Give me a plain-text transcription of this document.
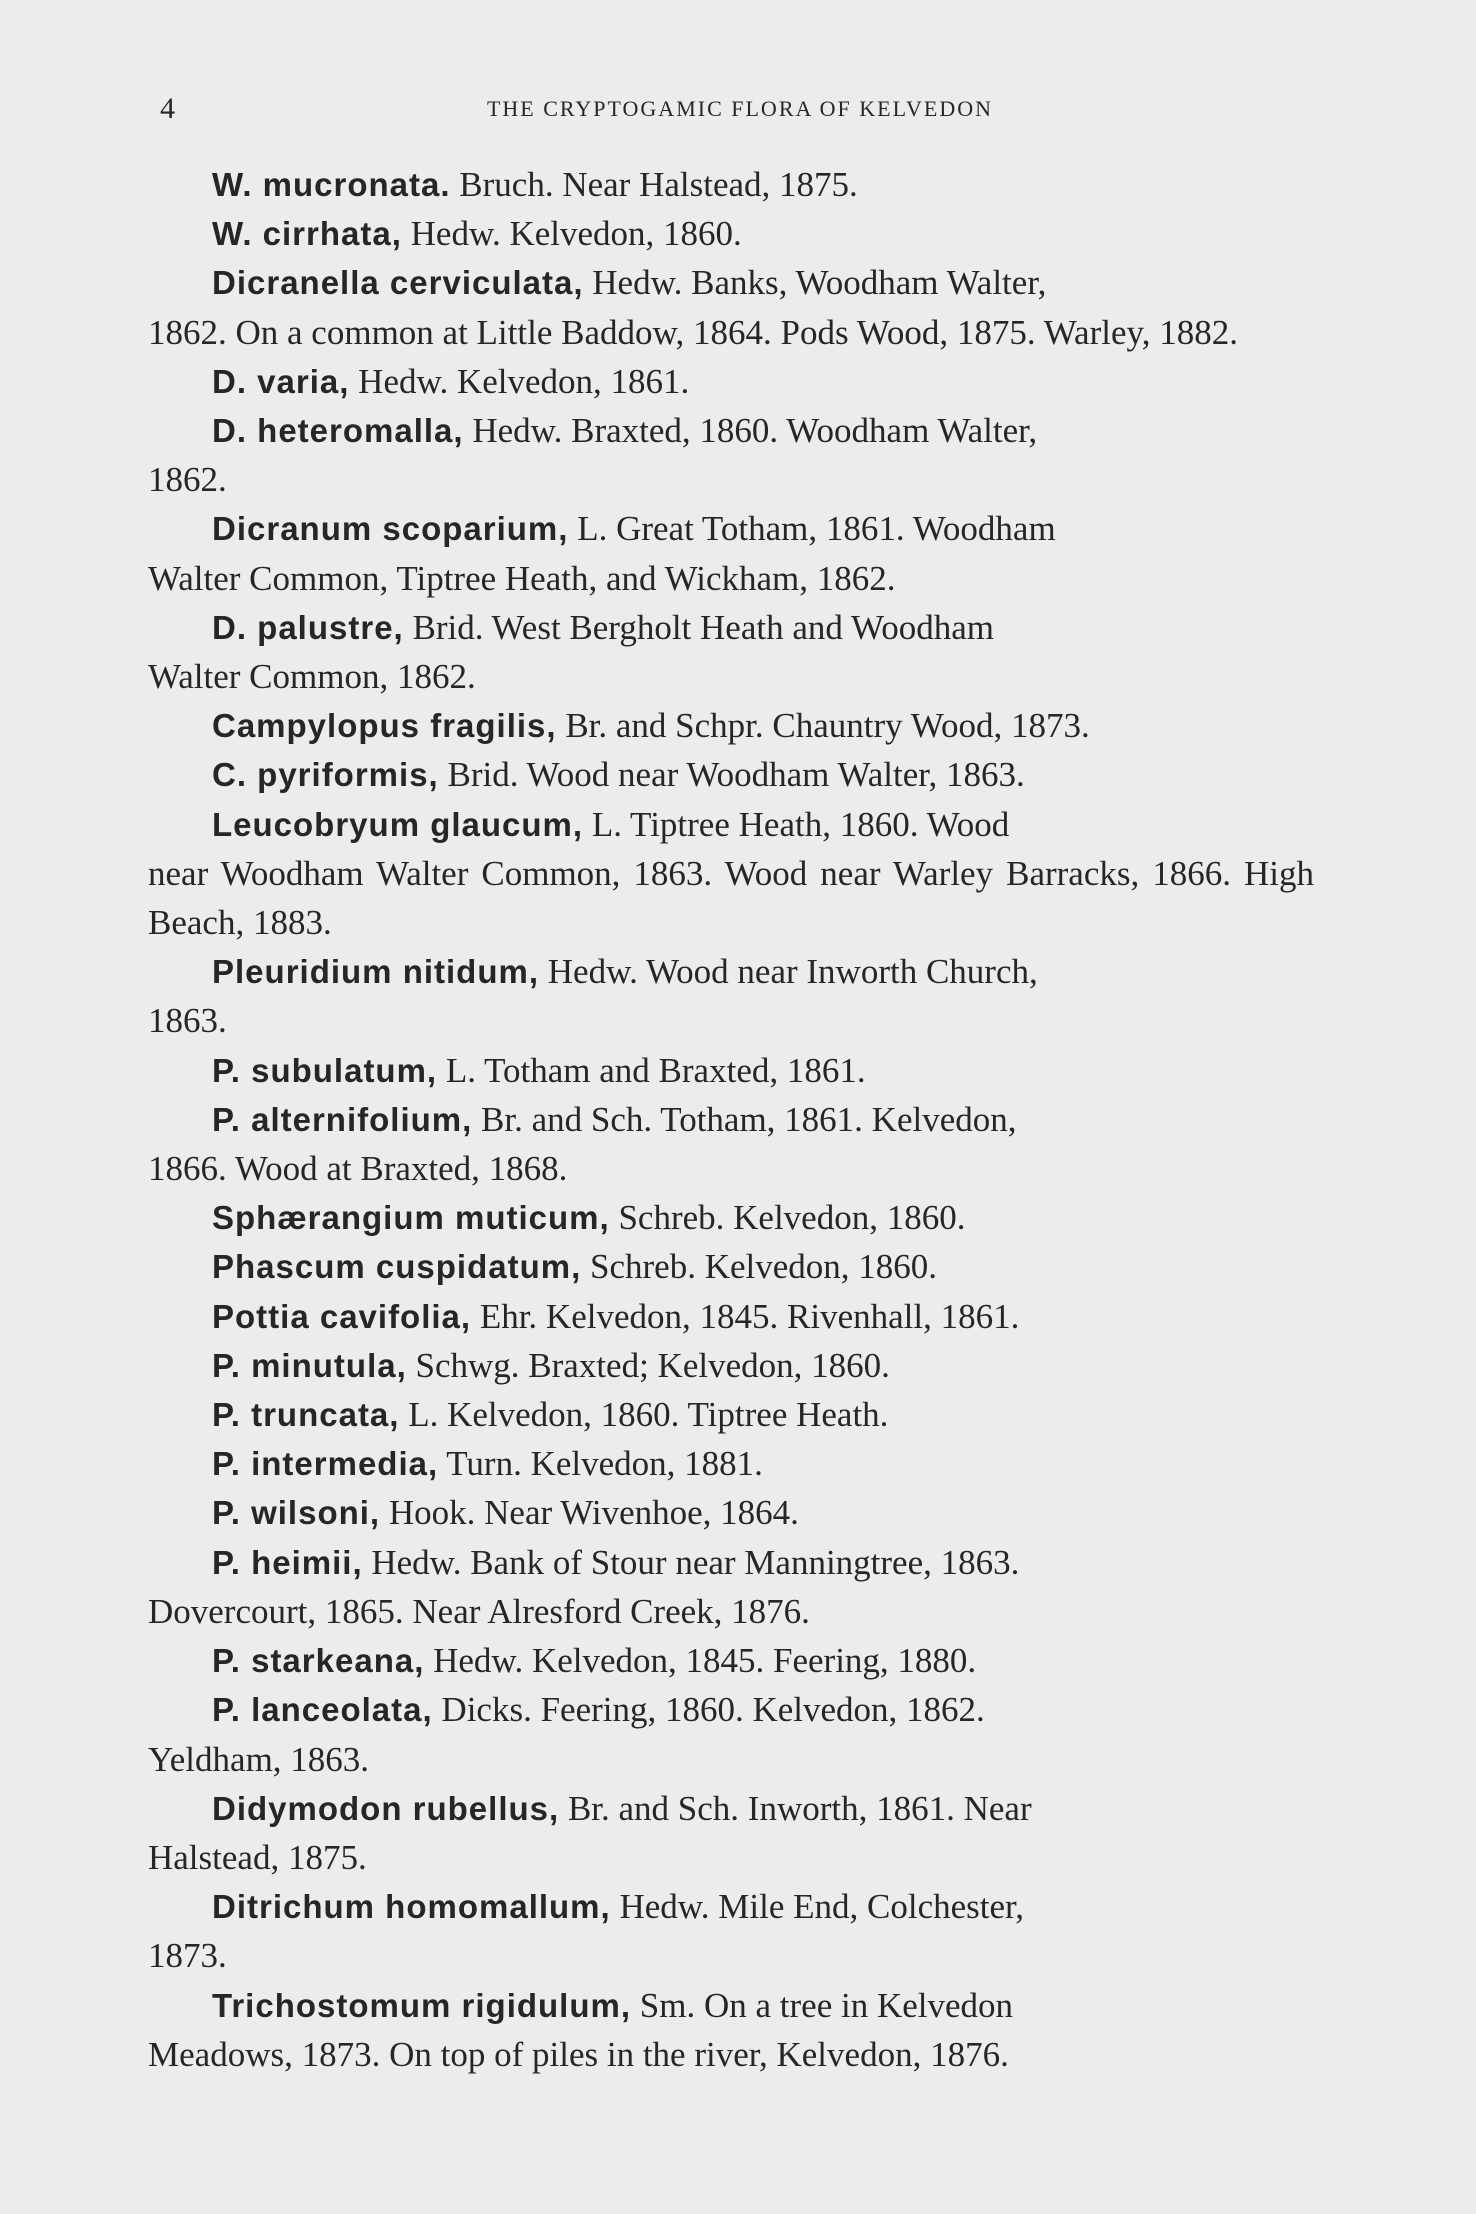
4	THE CRYPTOGAMIC FLORA OF KELVEDON

W. mucronata. Bruch. Near Halstead, 1875.

W. cirrhata, Hedw. Kelvedon, 1860.

Dicranella cerviculata, Hedw. Banks, Woodham Walter,
1862. On a common at Little Baddow, 1864. Pods Wood, 1875. Warley, 1882.

D. varia, Hedw. Kelvedon, 1861.

D. heteromalla, Hedw. Braxted, 1860. Woodham Walter,
1862.

Dicranum scoparium, L. Great Totham, 1861. Woodham
Walter Common, Tiptree Heath, and Wickham, 1862.

D. palustre, Brid. West Bergholt Heath and Woodham
Walter Common, 1862.

Campylopus fragilis, Br. and Schpr. Chauntry Wood, 1873.

C. pyriformis, Brid. Wood near Woodham Walter, 1863.

Leucobryum glaucum, L. Tiptree Heath, 1860. Wood
near Woodham Walter Common, 1863. Wood near Warley Barracks, 1866. High Beach, 1883.

Pleuridium nitidum, Hedw. Wood near Inworth Church,
1863.

P. subulatum, L. Totham and Braxted, 1861.

P. alternifolium, Br. and Sch. Totham, 1861. Kelvedon,
1866. Wood at Braxted, 1868.

Sphærangium muticum, Schreb. Kelvedon, 1860.

Phascum cuspidatum, Schreb. Kelvedon, 1860.

Pottia cavifolia, Ehr. Kelvedon, 1845. Rivenhall, 1861.

P. minutula, Schwg. Braxted; Kelvedon, 1860.

P. truncata, L. Kelvedon, 1860. Tiptree Heath.

P. intermedia, Turn. Kelvedon, 1881.

P. wilsoni, Hook. Near Wivenhoe, 1864.

P. heimii, Hedw. Bank of Stour near Manningtree, 1863.
Dovercourt, 1865. Near Alresford Creek, 1876.

P. starkeana, Hedw. Kelvedon, 1845. Feering, 1880.

P. lanceolata, Dicks. Feering, 1860. Kelvedon, 1862.
Yeldham, 1863.

Didymodon rubellus, Br. and Sch. Inworth, 1861. Near
Halstead, 1875.

Ditrichum homomallum, Hedw. Mile End, Colchester,
1873.

Trichostomum rigidulum, Sm. On a tree in Kelvedon
Meadows, 1873. On top of piles in the river, Kelvedon, 1876.
